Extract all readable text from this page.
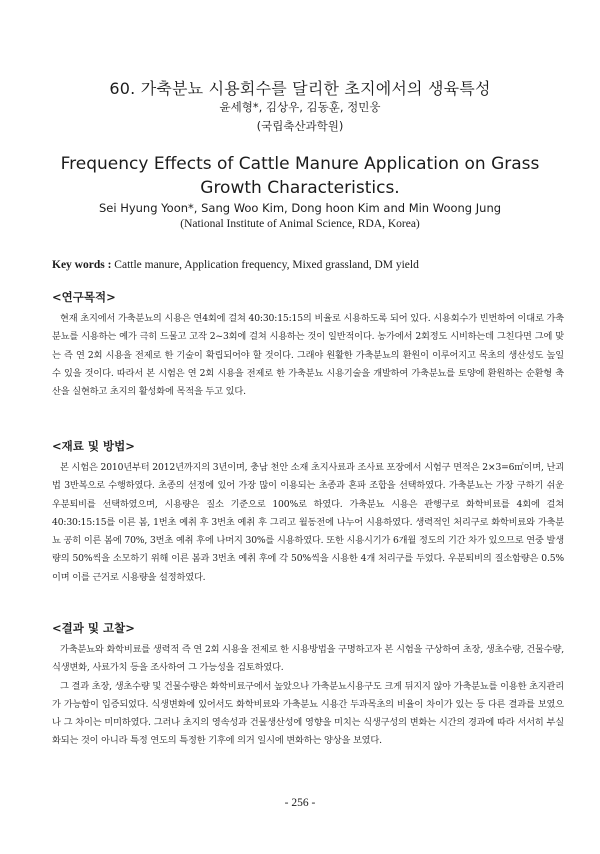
60. 가축분뇨 시용회수를 달리한 초지에서의 생육특성
윤세형*, 김상우, 김동훈, 정민웅
(국립축산과학원)
Frequency Effects of Cattle Manure Application on Grass Growth Characteristics.
Sei Hyung Yoon*, Sang Woo Kim, Dong hoon Kim and Min Woong Jung
(National Institute of Animal Science, RDA, Korea)
Key words : Cattle manure, Application frequency, Mixed grassland, DM yield
<연구목적>

현재 초지에서 가축분뇨의 시용은 연4회에 걸쳐 40:30:15:15의 비율로 시용하도록 되어 있다. 시용회수가 빈번하여 이대로 가축분뇨를 시용하는 예가 극히 드물고 고작 2~3회에 걸쳐 시용하는 것이 일반적이다. 농가에서 2회정도 시비하는데 그친다면 그에 맞는 즉 연 2회 시용을 전제로 한 기술이 확립되어야 할 것이다. 그래야 원활한 가축분뇨의 환원이 이루어지고 목초의 생산성도 높일 수 있을 것이다. 따라서 본 시험은 연 2회 시용을 전제로 한 가축분뇨 시용기술을 개발하여 가축분뇨를 토양에 환원하는 순환형 축산을 실현하고 초지의 활성화에 목적을 두고 있다.

<재료 및 방법>

본 시험은 2010년부터 2012년까지의 3년이며, 충남 천안 소재 초지사료과 조사료 포장에서 시험구 면적은 2×3=6㎡이며, 난괴법 3반복으로 수행하였다. 초종의 선정에 있어 가장 많이 이용되는 초종과 혼파 조합을 선택하였다. 가축분뇨는 가장 구하기 쉬운 우분퇴비를 선택하였으며, 시용량은 질소 기준으로 100%로 하였다. 가축분뇨 시용은 관행구로 화학비료를 4회에 걸쳐 40:30:15:15를 이른 봄, 1번초 예취 후 3번초 예취 후 그리고 월동전에 나누어 시용하였다. 생력적인 처리구로 화학비료와 가축분뇨 공히 이른 봄에 70%, 3번초 예취 후에 나머지 30%를 시용하였다. 또한 시용시기가 6개월 정도의 기간 차가 있으므로 연중 발생량의 50%씩을 소모하기 위해 이른 봄과 3번초 예취 후에 각 50%씩을 시용한 4개 처리구를 두었다. 우분퇴비의 질소함량은 0.5%이며 이를 근거로 시용량을 설정하였다.

<결과 및 고찰>

가축분뇨와 화학비료를 생력적 즉 연 2회 시용을 전제로 한 시용방법을 구명하고자 본 시험을 구상하여 초장, 생초수량, 건물수량, 식생변화, 사료가치 등을 조사하여 그 가능성을 검토하였다.

그 결과 초장, 생초수량 및 건물수량은 화학비료구에서 높았으나 가축분뇨시용구도 크게 뒤지지 않아 가축분뇨를 이용한 초지관리가 가능함이 입증되었다. 식생변화에 있어서도 화학비료와 가축분뇨 시용간 두과목초의 비율이 차이가 있는 등 다른 결과를 보였으나 그 차이는 미미하였다. 그러나 초지의 영속성과 건물생산성에 영향을 미치는 식생구성의 변화는 시간의 경과에 따라 서서히 부실화되는 것이 아니라 특정 연도의 특정한 기후에 의거 일시에 변화하는 양상을 보였다.

- 256 -
